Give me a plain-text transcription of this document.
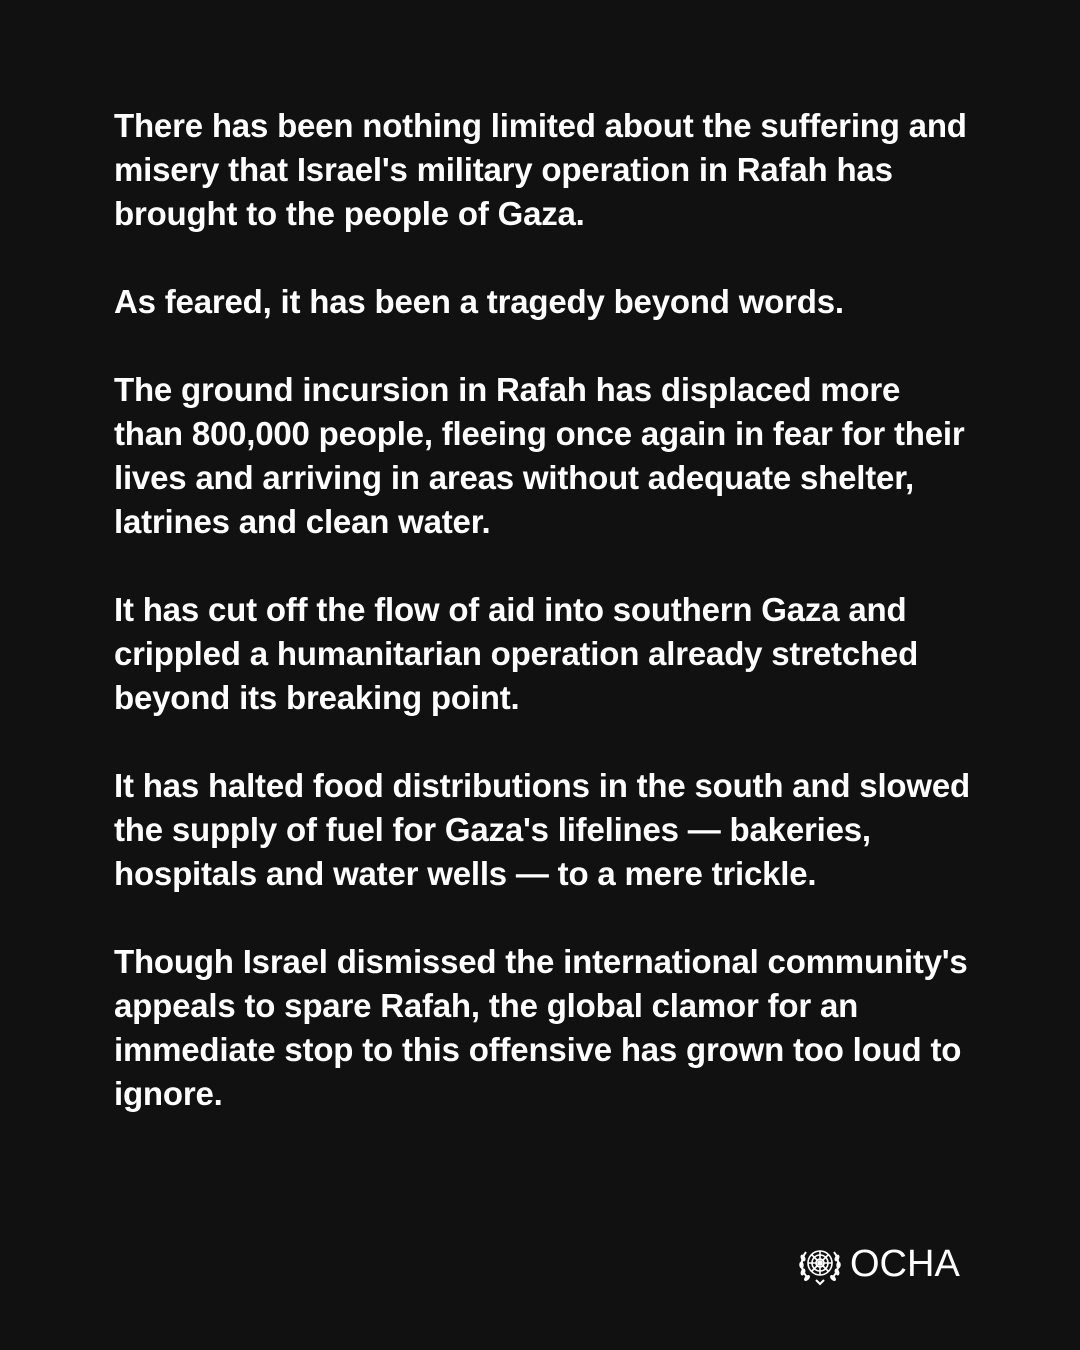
There has been nothing limited about the suffering and misery that Israel's military operation in Rafah has brought to the people of Gaza.

As feared, it has been a tragedy beyond words.

The ground incursion in Rafah has displaced more than 800,000 people, fleeing once again in fear for their lives and arriving in areas without adequate shelter, latrines and clean water.

It has cut off the flow of aid into southern Gaza and crippled a humanitarian operation already stretched beyond its breaking point.

It has halted food distributions in the south and slowed the supply of fuel for Gaza's lifelines — bakeries, hospitals and water wells — to a mere trickle.

Though Israel dismissed the international community's appeals to spare Rafah, the global clamor for an immediate stop to this offensive has grown too loud to ignore.

OCHA
